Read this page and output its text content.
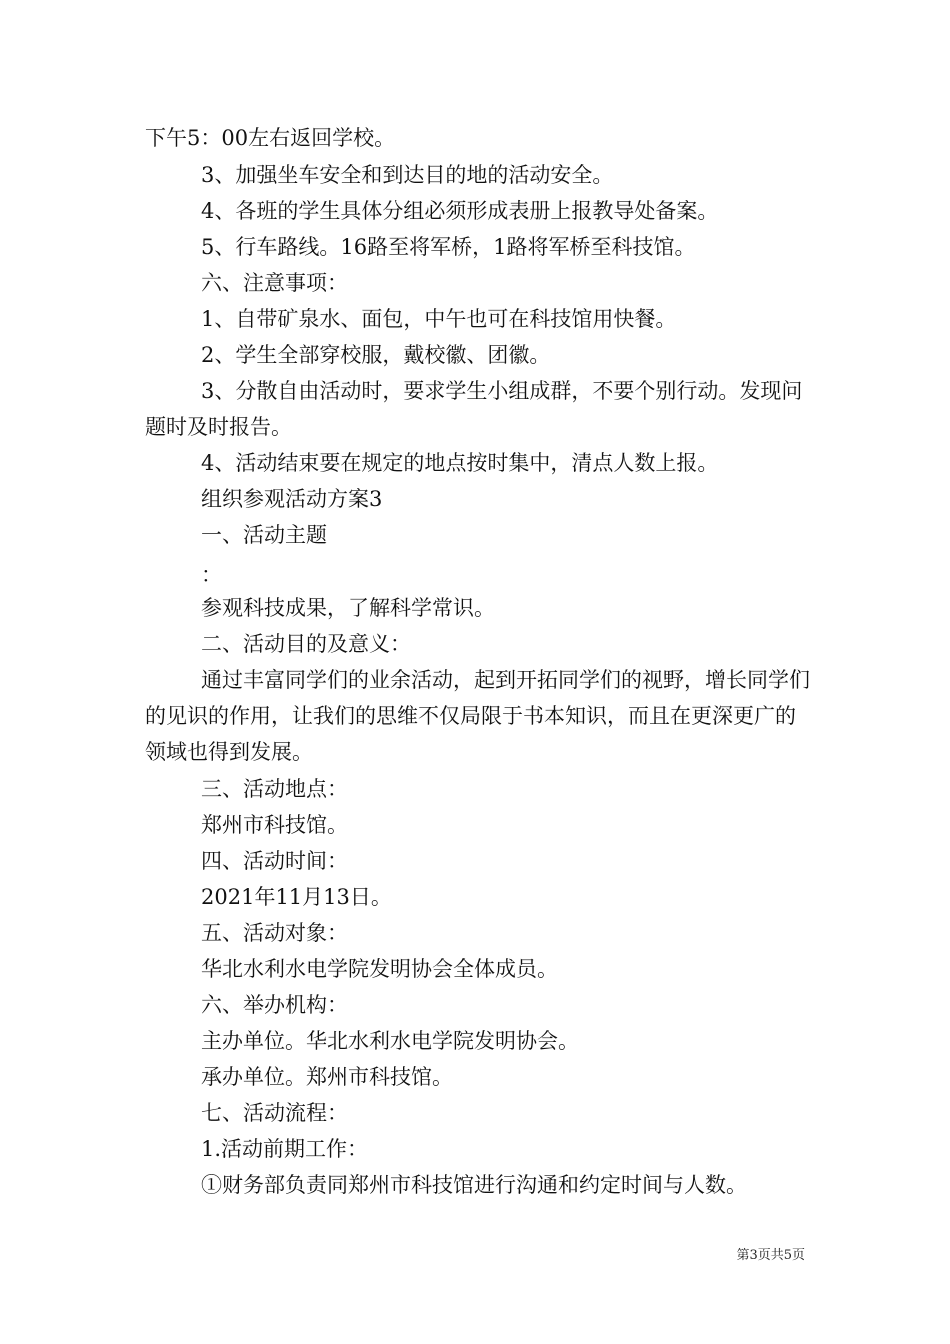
下午5：00左右返回学校。

3、加强坐车安全和到达目的地的活动安全。

4、各班的学生具体分组必须形成表册上报教导处备案。

5、行车路线。16路至将军桥，1路将军桥至科技馆。

六、注意事项：

1、自带矿泉水、面包，中午也可在科技馆用快餐。

2、学生全部穿校服，戴校徽、团徽。

3、分散自由活动时，要求学生小组成群，不要个别行动。发现问题时及时报告。

4、活动结束要在规定的地点按时集中，清点人数上报。

组织参观活动方案3

一、活动主题

：

参观科技成果，了解科学常识。

二、活动目的及意义：

通过丰富同学们的业余活动，起到开拓同学们的视野，增长同学们的见识的作用，让我们的思维不仅局限于书本知识，而且在更深更广的领域也得到发展。

三、活动地点：

郑州市科技馆。

四、活动时间：

2021年11月13日。

五、活动对象：

华北水利水电学院发明协会全体成员。

六、举办机构：

主办单位。华北水利水电学院发明协会。

承办单位。郑州市科技馆。

七、活动流程：

1.活动前期工作：

①财务部负责同郑州市科技馆进行沟通和约定时间与人数。

第3页共5页
